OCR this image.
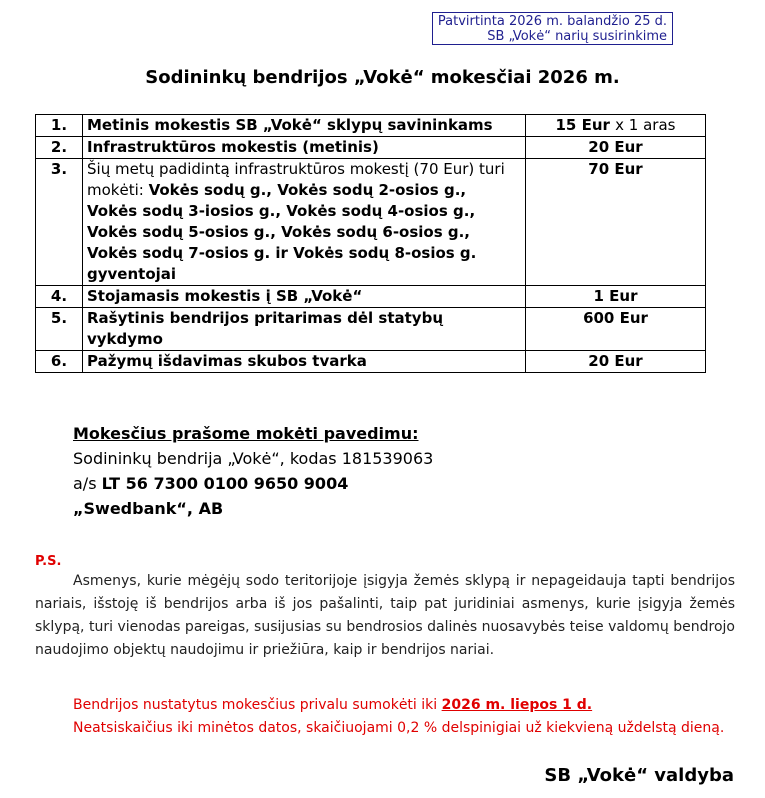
Patvirtinta 2026 m. balandžio 25 d.
SB „Vokė“ narių susirinkime
Sodininkų bendrijos „Vokė“ mokesčiai 2026 m.
1.	Metinis mokestis SB „Vokė“ sklypų savininkams	15 Eur x 1 aras
2.	Infrastruktūros mokestis (metinis)	20 Eur
3.	Šių metų padidintą infrastruktūros mokestį (70 Eur) turi mokėti: Vokės sodų g., Vokės sodų 2-osios g., Vokės sodų 3-iosios g., Vokės sodų 4-osios g., Vokės sodų 5-osios g., Vokės sodų 6-osios g., Vokės sodų 7-osios g. ir Vokės sodų 8-osios g. gyventojai	70 Eur
4.	Stojamasis mokestis į SB „Vokė“	1 Eur
5.	Rašytinis bendrijos pritarimas dėl statybų vykdymo	600 Eur
6.	Pažymų išdavimas skubos tvarka	20 Eur
Mokesčius prašome mokėti pavedimu:
Sodininkų bendrija „Vokė“, kodas 181539063
a/s LT 56 7300 0100 9650 9004
„Swedbank“, AB
P.S.
Asmenys, kurie mėgėjų sodo teritorijoje įsigyja žemės sklypą ir nepageidauja tapti bendrijos nariais, išstoję iš bendrijos arba iš jos pašalinti, taip pat juridiniai asmenys, kurie įsigyja žemės sklypą, turi vienodas pareigas, susijusias su bendrosios dalinės nuosavybės teise valdomų bendrojo naudojimo objektų naudojimu ir priežiūra, kaip ir bendrijos nariai.
Bendrijos nustatytus mokesčius privalu sumokėti iki 2026 m. liepos 1 d.
Neatsiskaičius iki minėtos datos, skaičiuojami 0,2 % delspinigiai už kiekvieną uždelstą dieną.
SB „Vokė“ valdyba
